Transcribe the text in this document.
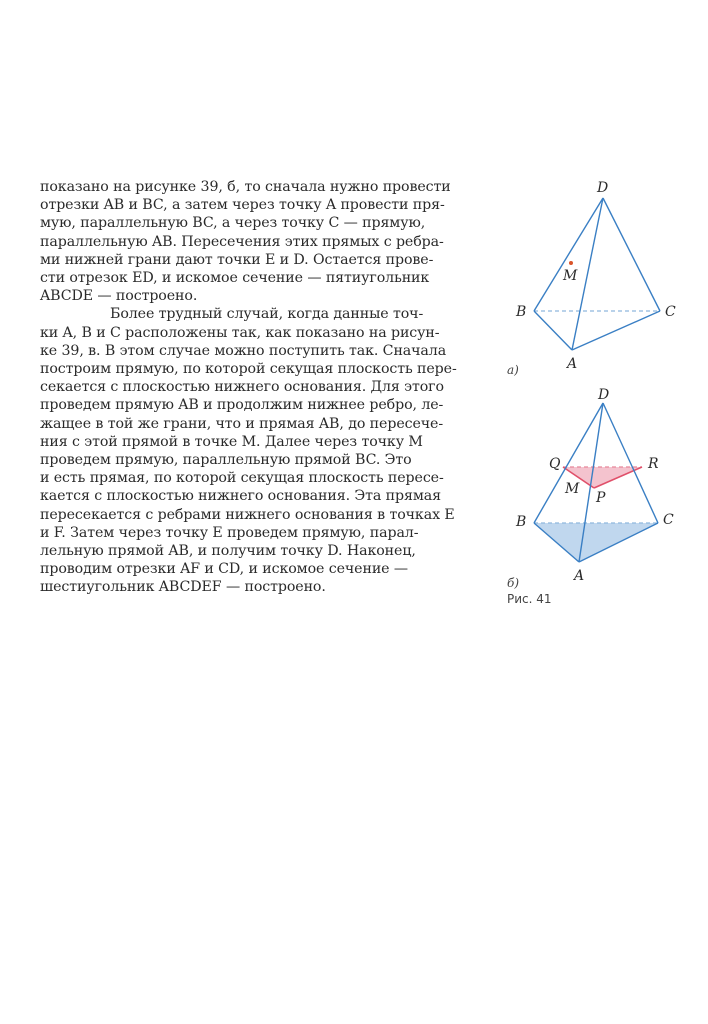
показано на рисунке 39, б, то сначала нужно провести
отрезки AB и BC, а затем через точку A провести пря-
мую, параллельную BC, а через точку C — прямую,
параллельную AB. Пересечения этих прямых с ребра-
ми нижней грани дают точки E и D. Остается прове-
сти отрезок ED, и искомое сечение — пятиугольник
ABCDE — построено.

Более трудный случай, когда данные точ-
ки A, B и C расположены так, как показано на рисун-
ке 39, в. В этом случае можно поступить так. Сначала
построим прямую, по которой секущая плоскость пере-
секается с плоскостью нижнего основания. Для этого
проведем прямую AB и продолжим нижнее ребро, ле-
жащее в той же грани, что и прямая AB, до пересече-
ния с этой прямой в точке M. Далее через точку M
проведем прямую, параллельную прямой BC. Это
и есть прямая, по которой секущая плоскость пересе-
кается с плоскостью нижнего основания. Эта прямая
пересекается с ребрами нижнего основания в точках E
и F. Затем через точку E проведем прямую, парал-
лельную прямой AB, и получим точку D. Наконец,
проводим отрезки AF и CD, и искомое сечение —
шестиугольник ABCDEF — построено.

D
M
B	C
A
а)
D
Q	R
M
P
B	C
A
б)
Рис. 41
